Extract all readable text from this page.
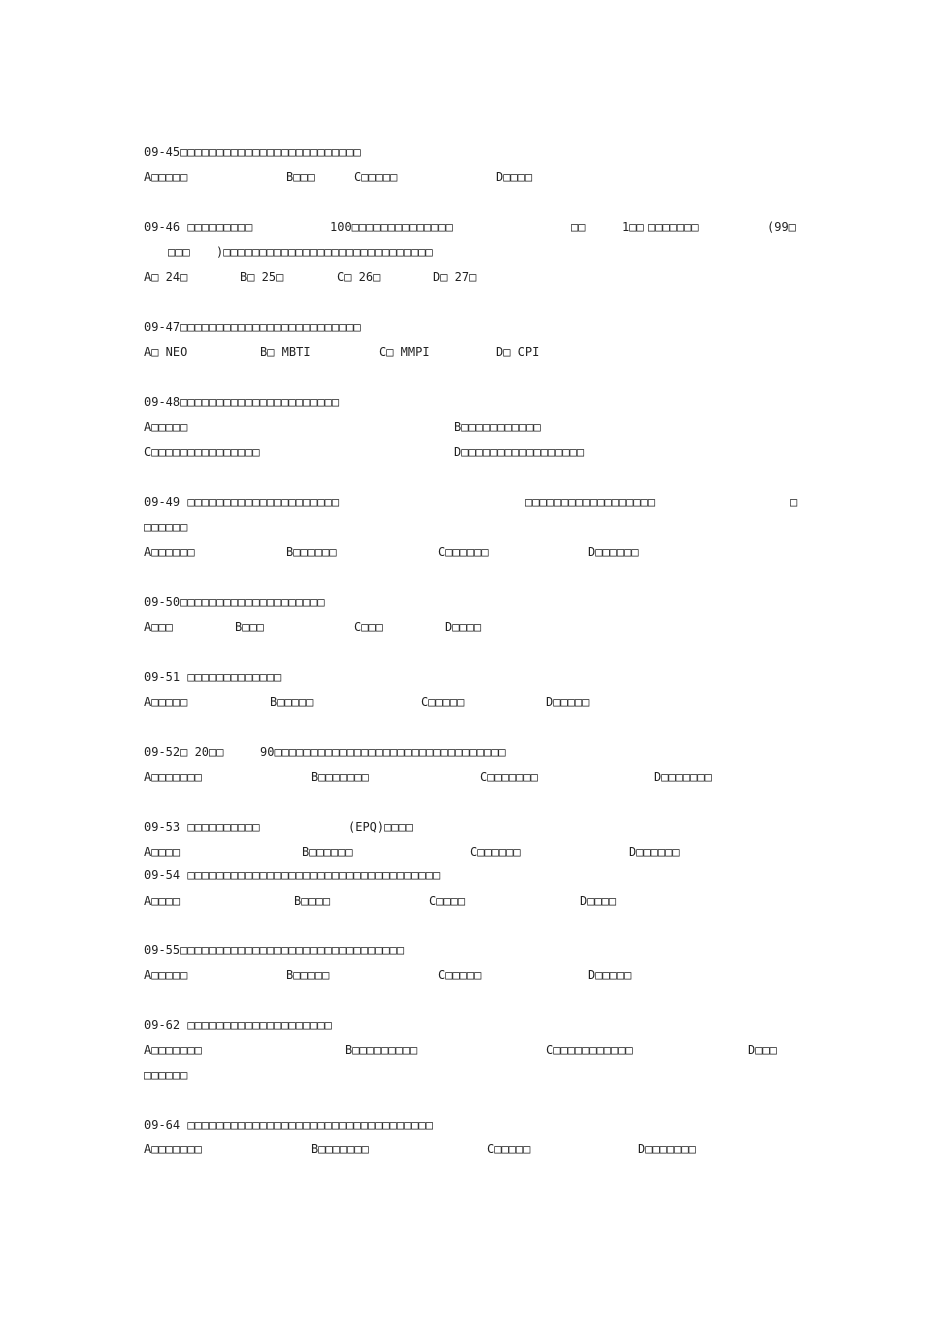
09-45□□□□□□□□□□□□□□□□□□□□□□□□□
A□□□□□	B□□□	C□□□□□	D□□□□
09-46 □□□□□□□□□	100□□□□□□□□□□□□□□	□□	1□□ □□□□□□□	(99□
□□□ )□□□□□□□□□□□□□□□□□□□□□□□□□□□□□
A□ 24□	B□ 25□	C□ 26□	D□ 27□
09-47□□□□□□□□□□□□□□□□□□□□□□□□□
A□ NEO	B□ MBTI	C□ MMPI	D□ CPI
09-48□□□□□□□□□□□□□□□□□□□□□□
A□□□□□	B□□□□□□□□□□□
C□□□□□□□□□□□□□□□	D□□□□□□□□□□□□□□□□□
09-49 □□□□□□□□□□□□□□□□□□□□□	□□□□□□□□□□□□□□□□□□	□
□□□□□□
A□□□□□□	B□□□□□□	C□□□□□□	D□□□□□□
09-50□□□□□□□□□□□□□□□□□□□□
A□□□	B□□□	C□□□	D□□□□
09-51 □□□□□□□□□□□□□
A□□□□□	B□□□□□	C□□□□□	D□□□□□
09-52□ 20□□	90□□□□□□□□□□□□□□□□□□□□□□□□□□□□□□□□
A□□□□□□□	B□□□□□□□	C□□□□□□□	D□□□□□□□
09-53 □□□□□□□□□□	(EPQ)□□□□
A□□□□	B□□□□□□	C□□□□□□	D□□□□□□
09-54 □□□□□□□□□□□□□□□□□□□□□□□□□□□□□□□□□□□
A□□□□	B□□□□	C□□□□	D□□□□
09-55□□□□□□□□□□□□□□□□□□□□□□□□□□□□□□□
A□□□□□	B□□□□□	C□□□□□	D□□□□□
09-62 □□□□□□□□□□□□□□□□□□□□
A□□□□□□□	B□□□□□□□□□	C□□□□□□□□□□□	D□□□
□□□□□□
09-64 □□□□□□□□□□□□□□□□□□□□□□□□□□□□□□□□□□
A□□□□□□□	B□□□□□□□	C□□□□□	D□□□□□□□
